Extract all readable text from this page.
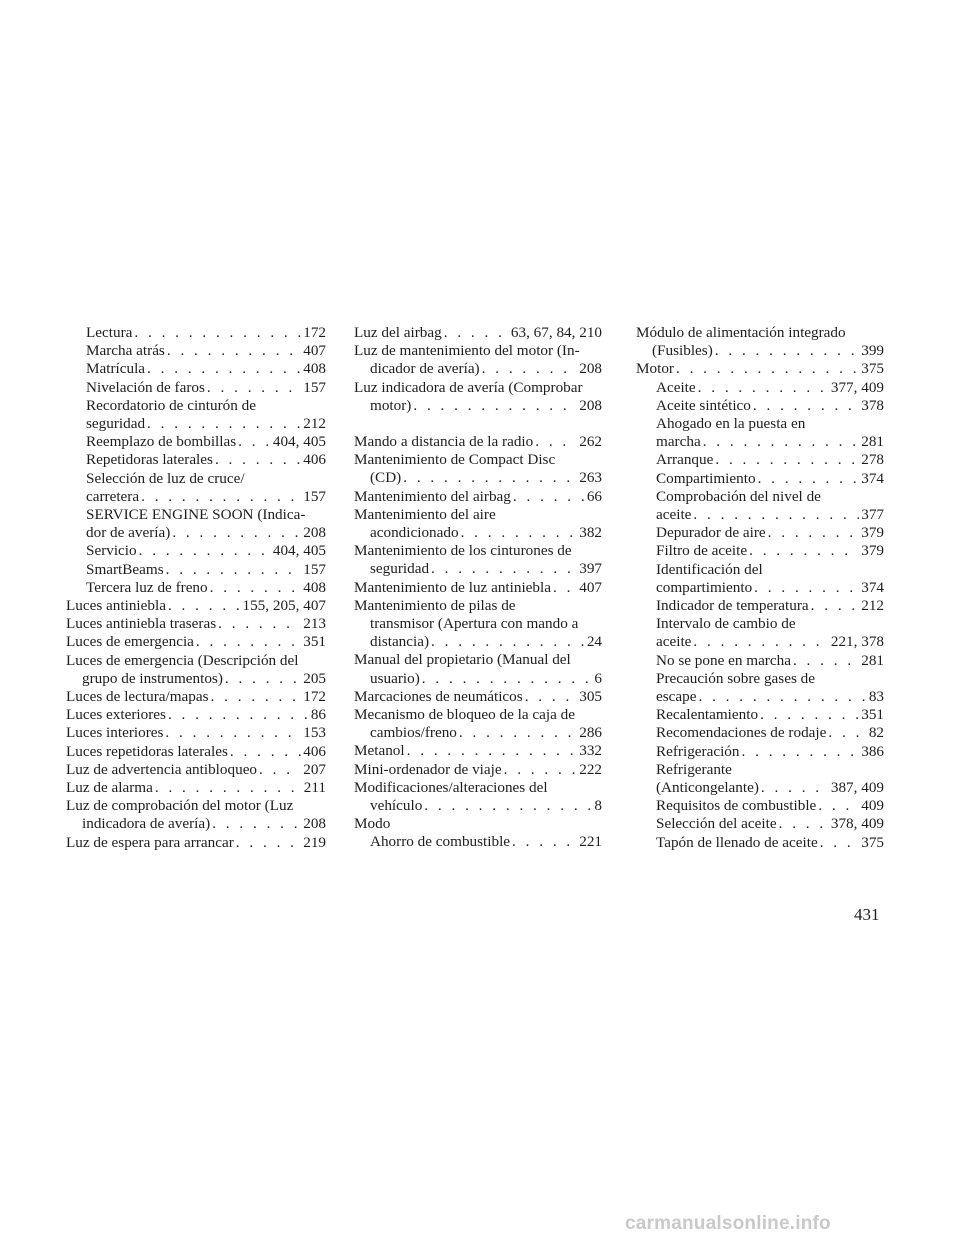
Lectura . . .	172
Marcha atrás . . .	407
Matrícula . . .	408
Nivelación de faros . . .	157
Recordatorio de cinturón de
seguridad . . .	212
Reemplazo de bombillas . . . 404, 405
Repetidoras laterales . . .	406
Selección de luz de cruce/
carretera . . .	157
SERVICE ENGINE SOON (Indica-
dor de avería) . . .	208
Servicio . . .	404, 405
SmartBeams . . .	157
Tercera luz de freno . . .	408
Luces antiniebla . . .	155, 205, 407
Luces antiniebla traseras . . .	213
Luces de emergencia . . .	351
Luces de emergencia (Descripción del
grupo de instrumentos) . . .	205
Luces de lectura/mapas . . .	172
Luces exteriores . . .	86
Luces interiores . . .	153
Luces repetidoras laterales . . .	406
Luz de advertencia antibloqueo . . .	207
Luz de alarma . . .	211
Luz de comprobación del motor (Luz
indicadora de avería) . . .	208
Luz de espera para arrancar . . .	219
Luz del airbag . . .	63, 67, 84, 210
Luz de mantenimiento del motor (In-
dicador de avería) . . .	208
Luz indicadora de avería (Comprobar
motor) . . .	208
Mando a distancia de la radio . . .	262
Mantenimiento de Compact Disc
(CD) . . .	263
Mantenimiento del airbag . . .	66
Mantenimiento del aire
acondicionado . . .	382
Mantenimiento de los cinturones de
seguridad . . .	397
Mantenimiento de luz antiniebla . . . 407
Mantenimiento de pilas de
transmisor (Apertura con mando a
distancia) . . .	24
Manual del propietario (Manual del
usuario) . . .	6
Marcaciones de neumáticos . . .	305
Mecanismo de bloqueo de la caja de
cambios/freno . . .	286
Metanol . . .	332
Mini-ordenador de viaje . . .	222
Modificaciones/alteraciones del
vehículo . . .	8
Modo
Ahorro de combustible . . .	221
Módulo de alimentación integrado
(Fusibles) . . .	399
Motor . . .	375
Aceite . . .	377, 409
Aceite sintético . . .	378
Ahogado en la puesta en
marcha . . .	281
Arranque . . .	278
Compartimiento . . .	374
Comprobación del nivel de
aceite . . .	377
Depurador de aire . . .	379
Filtro de aceite . . .	379
Identificación del
compartimiento . . .	374
Indicador de temperatura . . .	212
Intervalo de cambio de
aceite . . .	221, 378
No se pone en marcha . . .	281
Precaución sobre gases de
escape . . .	83
Recalentamiento . . .	351
Recomendaciones de rodaje . . .	82
Refrigeración . . .	386
Refrigerante
(Anticongelante) . . .	387, 409
Requisitos de combustible . . .	409
Selección del aceite . . .	378, 409
Tapón de llenado de aceite . . .	375
431
carmanualsonline.info
